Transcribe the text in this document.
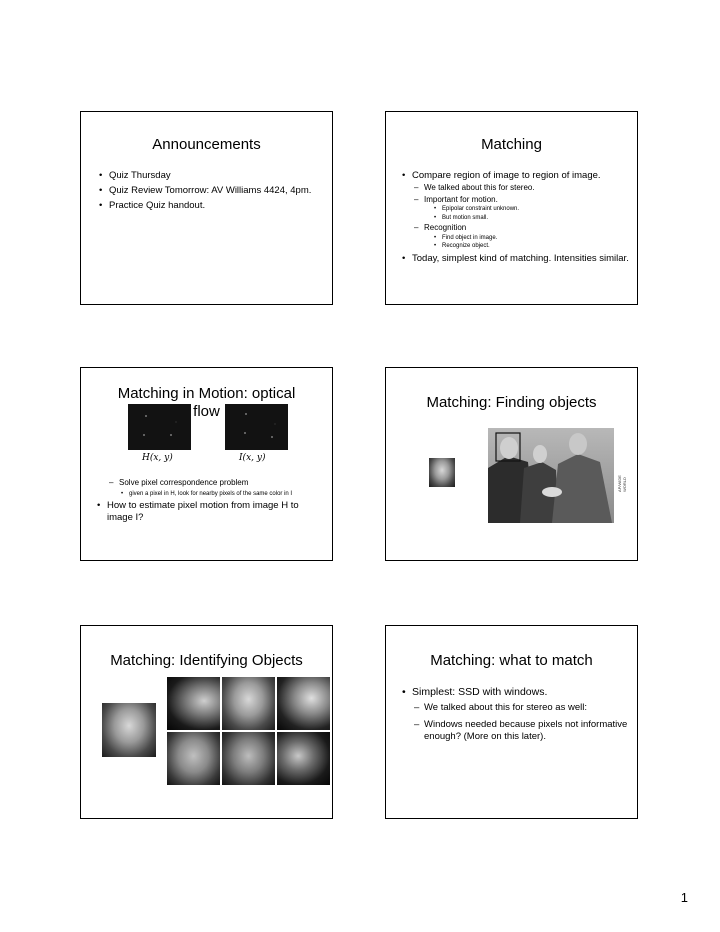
Announcements
• Quiz Thursday
• Quiz Review Tomorrow: AV Williams 4424, 4pm.
• Practice Quiz handout.
Matching
• Compare region of image to region of image.
– We talked about this for stereo.
– Important for motion.
• Epipolar constraint unknown.
• But motion small.
– Recognition
• Find object in image.
• Recognize object.
• Today, simplest kind of matching. Intensities similar.
Matching in Motion: optical flow
H(x, y)	I(x, y)
– Solve pixel correspondence problem
• given a pixel in H, look for nearby pixels of the same color in I
• How to estimate pixel motion from image H to image I?
Matching: Finding objects
AP/WIDE WORLD
Matching: Identifying Objects	Matching: what to match
• Simplest: SSD with windows.
– We talked about this for stereo as well:
– Windows needed because pixels not informative enough? (More on this later).
1
